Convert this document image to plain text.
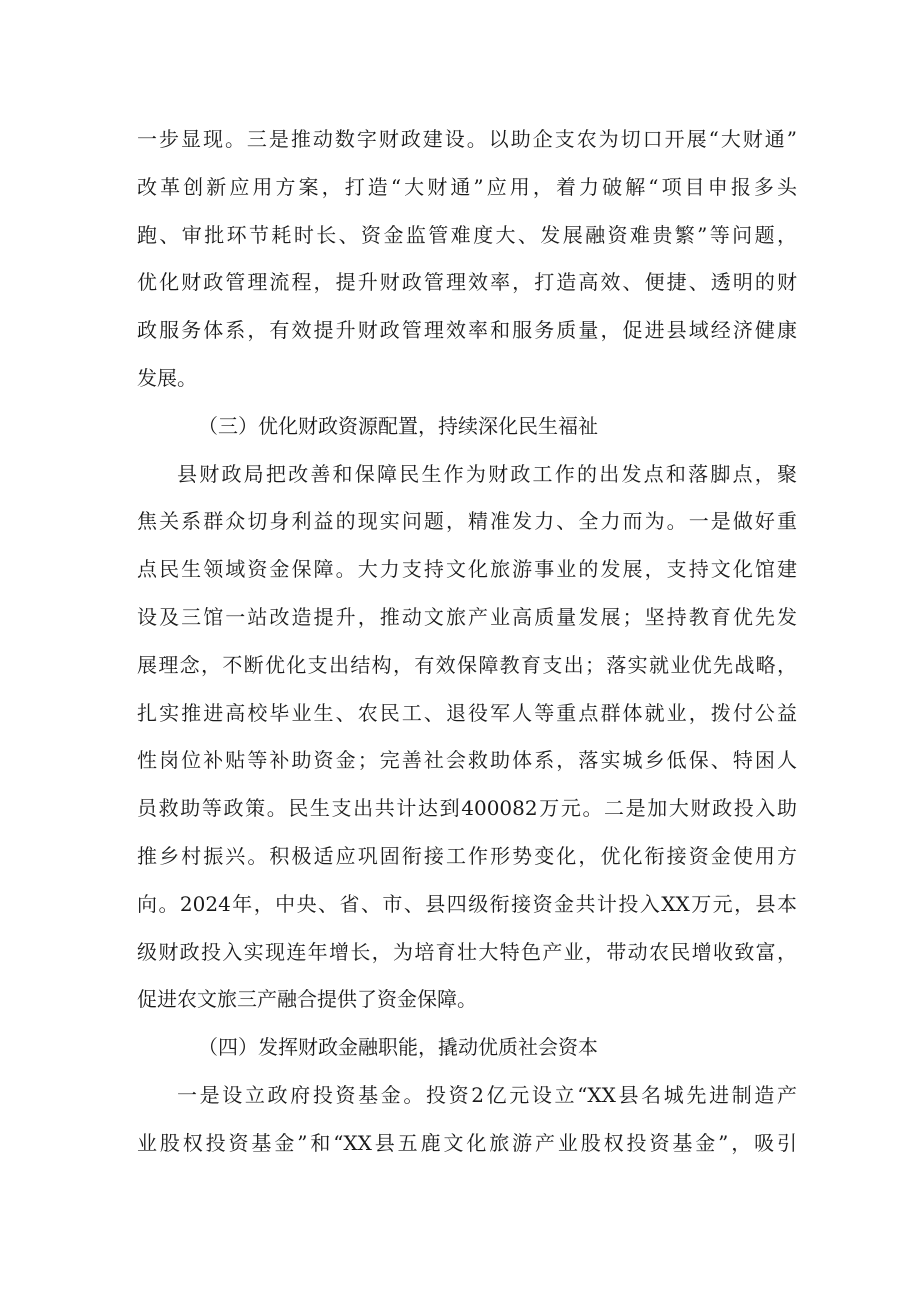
一步显现。三是推动数字财政建设。以助企支农为切口开展“大财通”
改革创新应用方案，打造“大财通”应用，着力破解“项目申报多头
跑、审批环节耗时长、资金监管难度大、发展融资难贵繁”等问题，
优化财政管理流程，提升财政管理效率，打造高效、便捷、透明的财
政服务体系，有效提升财政管理效率和服务质量，促进县域经济健康
发展。
（三）优化财政资源配置，持续深化民生福祉
县财政局把改善和保障民生作为财政工作的出发点和落脚点，聚
焦关系群众切身利益的现实问题，精准发力、全力而为。一是做好重
点民生领域资金保障。大力支持文化旅游事业的发展，支持文化馆建
设及三馆一站改造提升，推动文旅产业高质量发展；坚持教育优先发
展理念，不断优化支出结构，有效保障教育支出；落实就业优先战略，
扎实推进高校毕业生、农民工、退役军人等重点群体就业，拨付公益
性岗位补贴等补助资金；完善社会救助体系，落实城乡低保、特困人
员救助等政策。民生支出共计达到400082万元。二是加大财政投入助
推乡村振兴。积极适应巩固衔接工作形势变化，优化衔接资金使用方
向。2024年，中央、省、市、县四级衔接资金共计投入XX万元，县本
级财政投入实现连年增长，为培育壮大特色产业，带动农民增收致富，
促进农文旅三产融合提供了资金保障。
（四）发挥财政金融职能，撬动优质社会资本
一是设立政府投资基金。投资2亿元设立“XX县名城先进制造产
业股权投资基金”和“XX县五鹿文化旅游产业股权投资基金”，吸引
